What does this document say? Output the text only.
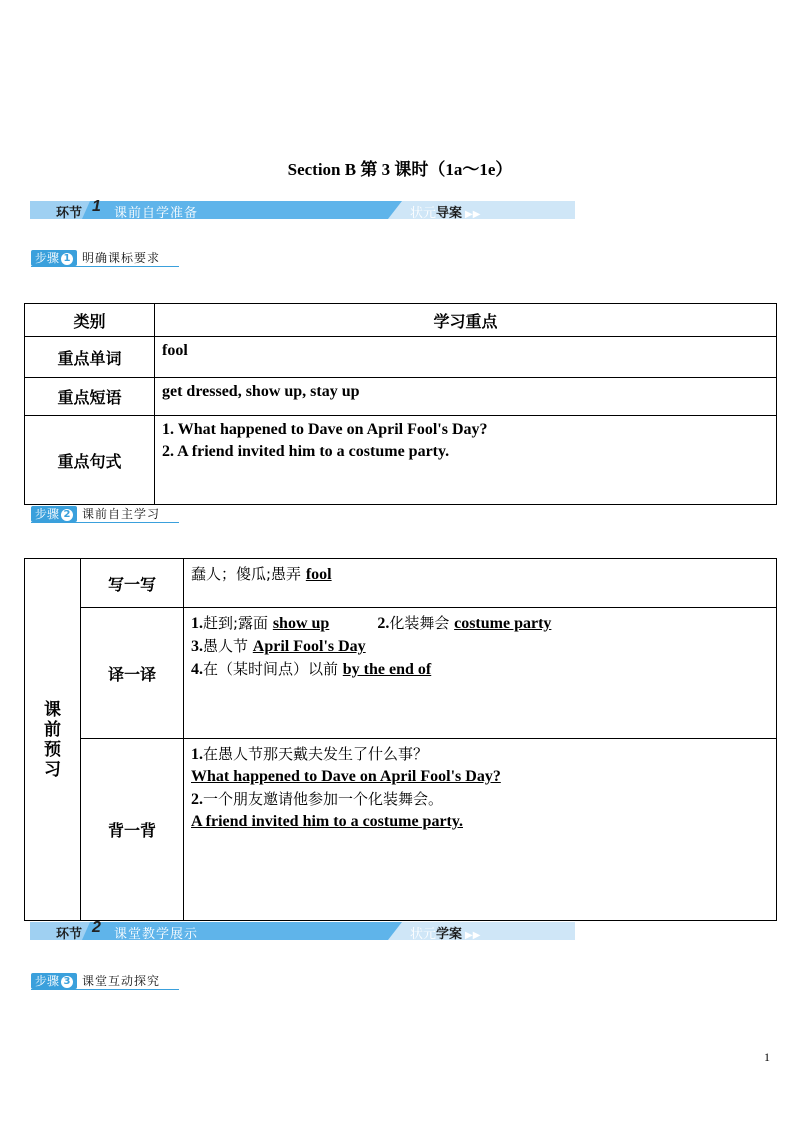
Section B 第 3 课时（1a～1e）
环节 1 课前自学准备	状元导案 ▶▶
步骤 1 明确课标要求
类别	学习重点
重点单词	fool

重点短语	get dressed, show up, stay up

重点句式	1. What happened to Dave on April Fool's Day?
2. A friend invited him to a costume party.
步骤 2 课前自主学习
课
前
预
习	写一写	蠢人；傻瓜;愚弄 fool
	译一译	1.赶到;露面 show up 2.化装舞会 costume party
3.愚人节 April Fool's Day
4.在（某时间点）以前 by the end of

	背一背	1.在愚人节那天戴夫发生了什么事？
What happened to Dave on April Fool's Day?
2.一个朋友邀请他参加一个化装舞会。
A friend invited him to a costume party.
环节 2 课堂教学展示	状元学案 ▶▶
步骤 3 课堂互动探究
1
